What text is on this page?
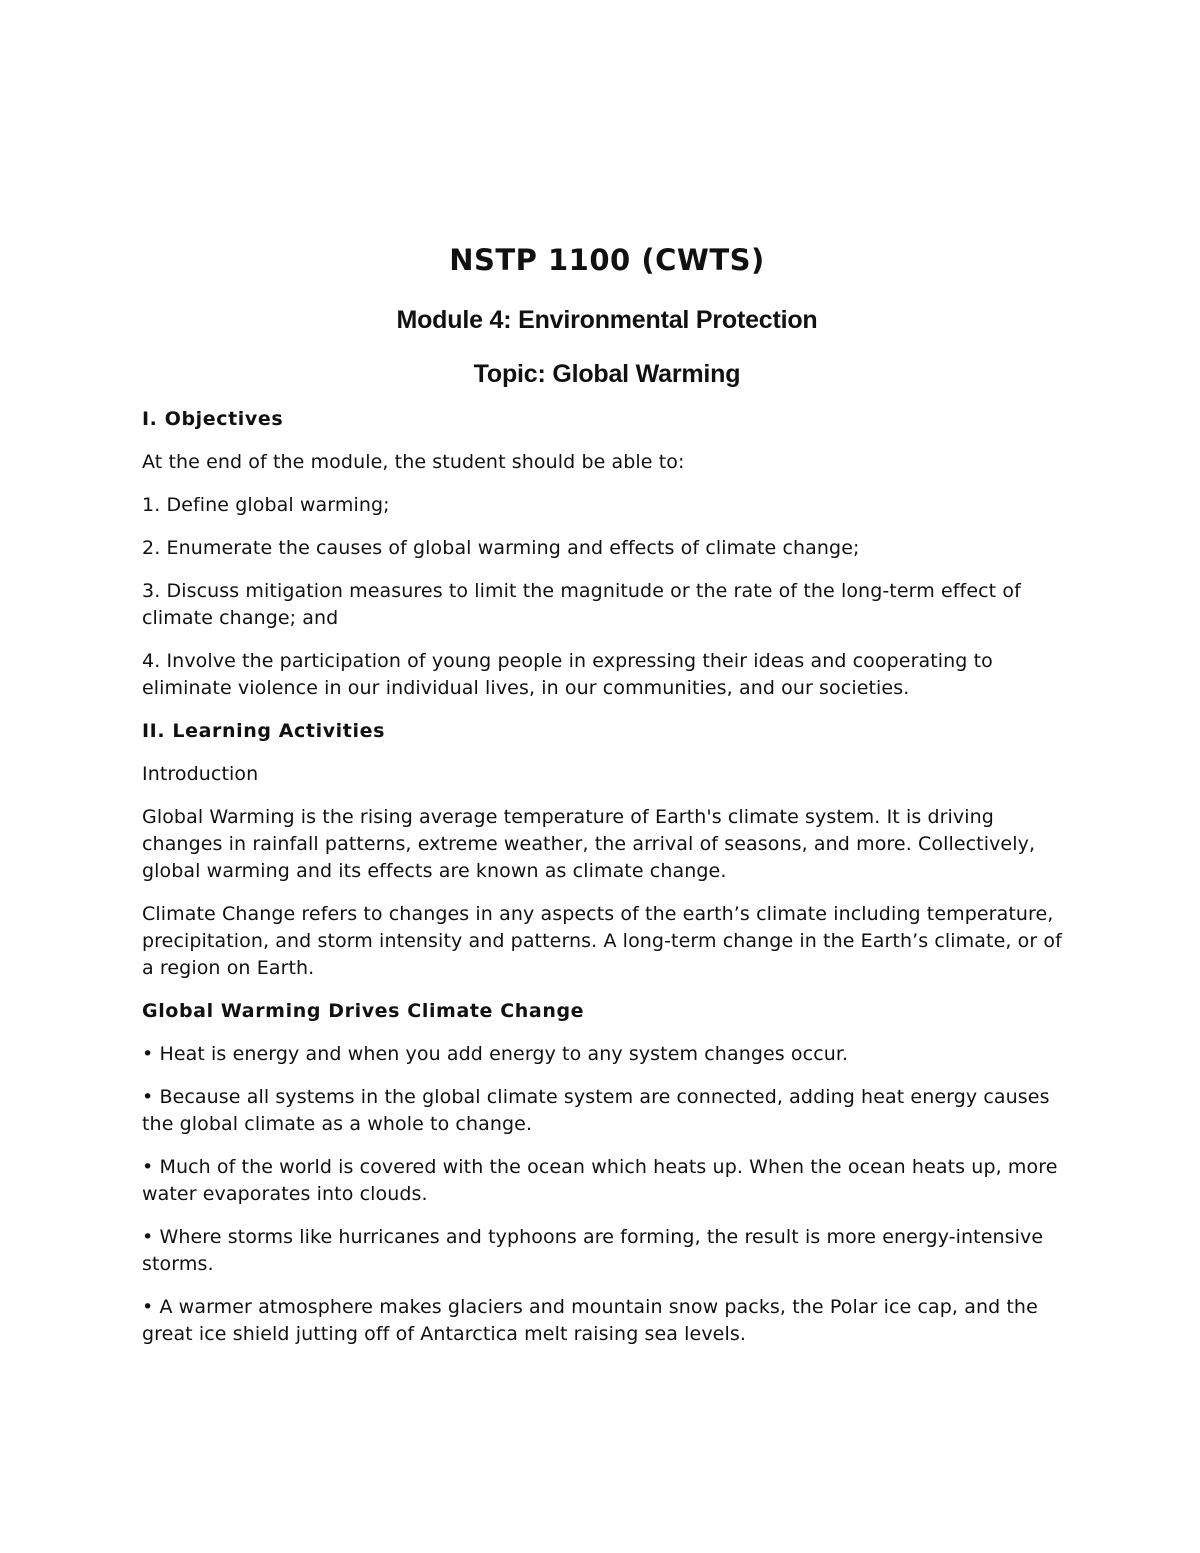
NSTP 1100 (CWTS)
Module 4: Environmental Protection
Topic: Global Warming
I. Objectives
At the end of the module, the student should be able to:
1. Define global warming;
2. Enumerate the causes of global warming and effects of climate change;
3. Discuss mitigation measures to limit the magnitude or the rate of the long-term effect of climate change; and
4. Involve the participation of young people in expressing their ideas and cooperating to eliminate violence in our individual lives, in our communities, and our societies.
II. Learning Activities
Introduction
Global Warming is the rising average temperature of Earth's climate system. It is driving changes in rainfall patterns, extreme weather, the arrival of seasons, and more. Collectively, global warming and its effects are known as climate change.
Climate Change refers to changes in any aspects of the earth’s climate including temperature, precipitation, and storm intensity and patterns. A long-term change in the Earth’s climate, or of a region on Earth.
Global Warming Drives Climate Change
• Heat is energy and when you add energy to any system changes occur.
• Because all systems in the global climate system are connected, adding heat energy causes the global climate as a whole to change.
• Much of the world is covered with the ocean which heats up. When the ocean heats up, more water evaporates into clouds.
• Where storms like hurricanes and typhoons are forming, the result is more energy-intensive storms.
• A warmer atmosphere makes glaciers and mountain snow packs, the Polar ice cap, and the great ice shield jutting off of Antarctica melt raising sea levels.
